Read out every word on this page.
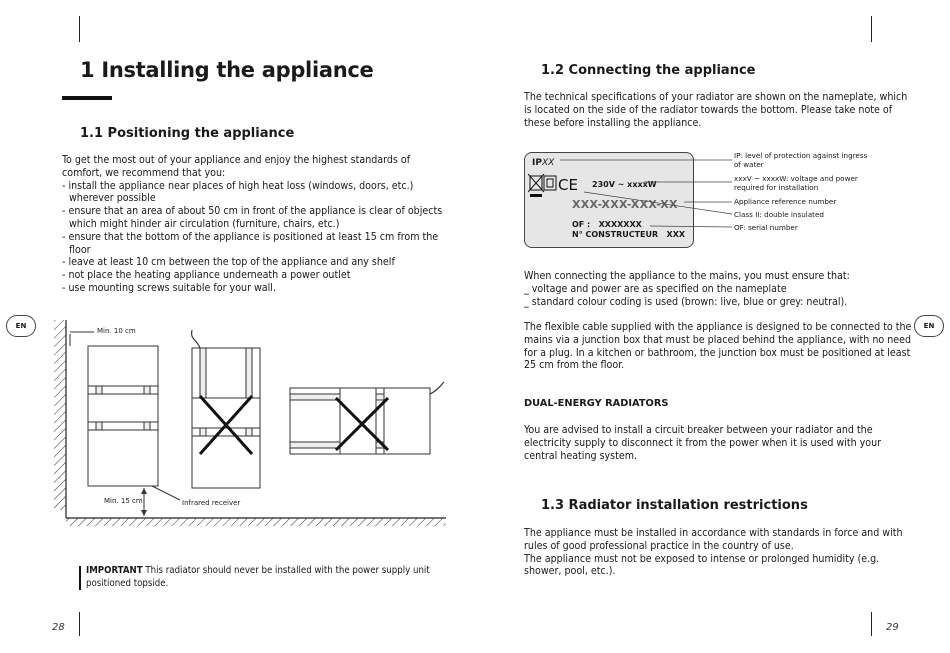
1 Installing the appliance
1.1 Positioning the appliance
To get the most out of your appliance and enjoy the highest standards of
comfort, we recommend that you:
- install the appliance near places of high heat loss (windows, doors, etc.)
wherever possible
- ensure that an area of about 50 cm in front of the appliance is clear of objects
which might hinder air circulation (furniture, chairs, etc.)
- ensure that the bottom of the appliance is positioned at least 15 cm from the
floor
- leave at least 10 cm between the top of the appliance and any shelf
- not place the heating appliance underneath a power outlet
- use mounting screws suitable for your wall.
EN
Min. 10 cm
Min. 15 cm	Infrared receiver
IMPORTANT This radiator should never be installed with the power supply unit
positioned topside.
28
1.2 Connecting the appliance
The technical specifications of your radiator are shown on the nameplate, which
is located on the side of the radiator towards the bottom. Please take note of
these before installing the appliance.
IPXX
CE 230V ~ xxxxW
XXX-XXX-XXX-XX
OF :   XXXXXXX
N° CONSTRUCTEUR   XXX
IP: level of protection against ingress
of water
xxxV ~ xxxxW: voltage and power
required for installation
Appliance reference number
Class II: double insulated
OF: serial number
When connecting the appliance to the mains, you must ensure that:
_ voltage and power are as specified on the nameplate
_ standard colour coding is used (brown: live, blue or grey: neutral).
EN
The flexible cable supplied with the appliance is designed to be connected to the
mains via a junction box that must be placed behind the appliance, with no need
for a plug. In a kitchen or bathroom, the junction box must be positioned at least
25 cm from the floor.
DUAL-ENERGY RADIATORS
You are advised to install a circuit breaker between your radiator and the
electricity supply to disconnect it from the power when it is used with your
central heating system.
1.3 Radiator installation restrictions
The appliance must be installed in accordance with standards in force and with
rules of good professional practice in the country of use.
The appliance must not be exposed to intense or prolonged humidity (e.g.
shower, pool, etc.).
29
